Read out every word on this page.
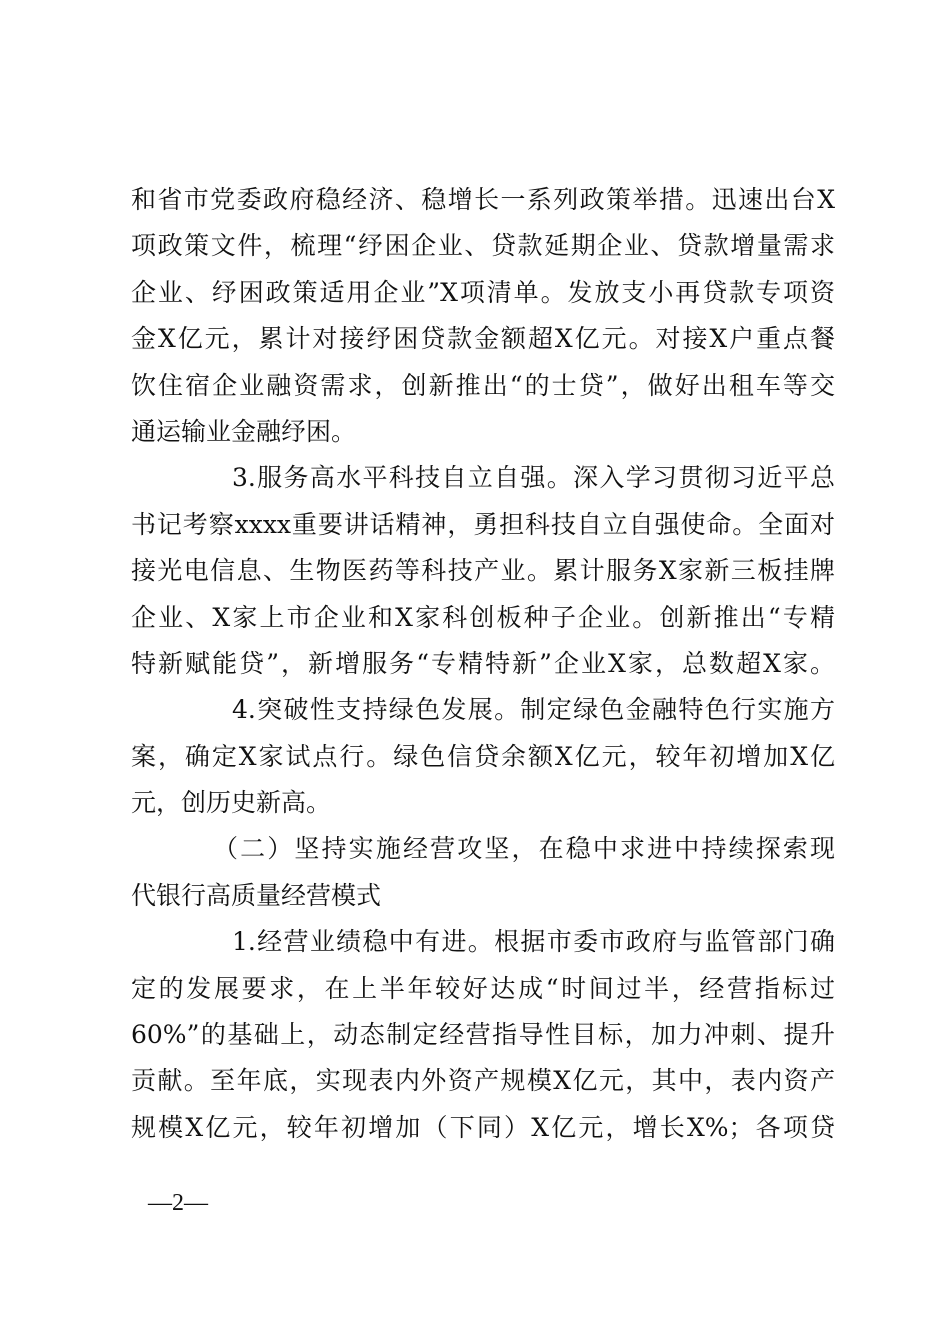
和省市党委政府稳经济、稳增长一系列政策举措。迅速出台X
项政策文件，梳理“纾困企业、贷款延期企业、贷款增量需求
企业、纾困政策适用企业”X项清单。发放支小再贷款专项资
金X亿元，累计对接纾困贷款金额超X亿元。对接X户重点餐
饮住宿企业融资需求，创新推出“的士贷”，做好出租车等交
通运输业金融纾困。
3.服务高水平科技自立自强。深入学习贯彻习近平总
书记考察xxxx重要讲话精神，勇担科技自立自强使命。全面对
接光电信息、生物医药等科技产业。累计服务X家新三板挂牌
企业、X家上市企业和X家科创板种子企业。创新推出“专精
特新赋能贷”，新增服务“专精特新”企业X家，总数超X家。
4.突破性支持绿色发展。制定绿色金融特色行实施方
案，确定X家试点行。绿色信贷余额X亿元，较年初增加X亿
元，创历史新高。
（二）坚持实施经营攻坚，在稳中求进中持续探索现
代银行高质量经营模式
1.经营业绩稳中有进。根据市委市政府与监管部门确
定的发展要求，在上半年较好达成“时间过半，经营指标过
60%”的基础上，动态制定经营指导性目标，加力冲刺、提升
贡献。至年底，实现表内外资产规模X亿元，其中，表内资产
规模X亿元，较年初增加（下同）X亿元，增长X%；各项贷
—2—
